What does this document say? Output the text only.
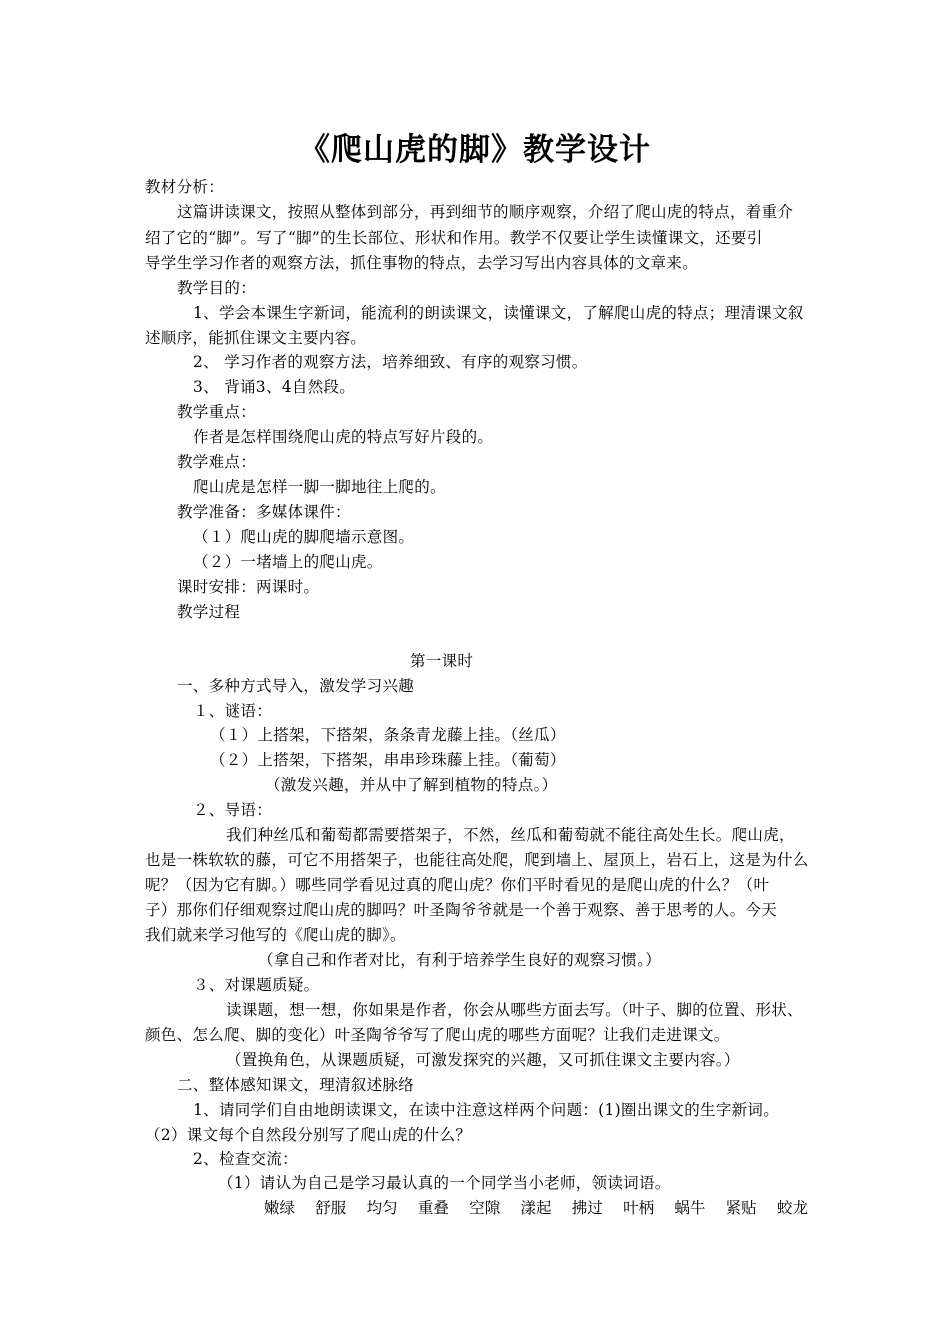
《爬山虎的脚》教学设计

教材分析：

这篇讲读课文，按照从整体到部分，再到细节的顺序观察，介绍了爬山虎的特点，着重介

绍了它的“脚”。写了“脚”的生长部位、形状和作用。教学不仅要让学生读懂课文，还要引

导学生学习作者的观察方法，抓住事物的特点，去学习写出内容具体的文章来。

教学目的：

1、学会本课生字新词，能流利的朗读课文，读懂课文，了解爬山虎的特点；理清课文叙

述顺序，能抓住课文主要内容。

2、 学习作者的观察方法，培养细致、有序的观察习惯。

3、 背诵3、4自然段。

教学重点：

作者是怎样围绕爬山虎的特点写好片段的。

教学难点：

爬山虎是怎样一脚一脚地往上爬的。

教学准备：多媒体课件：

（１）爬山虎的脚爬墙示意图。

（２）一堵墙上的爬山虎。

课时安排：两课时。

教学过程

第一课时

一、多种方式导入，激发学习兴趣

１、谜语：

（１）上搭架，下搭架，条条青龙藤上挂。（丝瓜）

（２）上搭架，下搭架，串串珍珠藤上挂。（葡萄）

（激发兴趣，并从中了解到植物的特点。）

２、导语：

我们种丝瓜和葡萄都需要搭架子，不然，丝瓜和葡萄就不能往高处生长。爬山虎，

也是一株软软的藤，可它不用搭架子，也能往高处爬，爬到墙上、屋顶上，岩石上，这是为什么

呢？（因为它有脚。）哪些同学看见过真的爬山虎？你们平时看见的是爬山虎的什么？（叶

子）那你们仔细观察过爬山虎的脚吗？叶圣陶爷爷就是一个善于观察、善于思考的人。今天

我们就来学习他写的《爬山虎的脚》。

（拿自己和作者对比，有利于培养学生良好的观察习惯。）

３、对课题质疑。

读课题，想一想，你如果是作者，你会从哪些方面去写。（叶子、脚的位置、形状、

颜色、怎么爬、脚的变化）叶圣陶爷爷写了爬山虎的哪些方面呢？让我们走进课文。

（置换角色，从课题质疑，可激发探究的兴趣，又可抓住课文主要内容。）

二、整体感知课文，理清叙述脉络

1、请同学们自由地朗读课文，在读中注意这样两个问题：(1)圈出课文的生字新词。

（2）课文每个自然段分别写了爬山虎的什么？

2、检查交流：

（1）请认为自己是学习最认真的一个同学当小老师，领读词语。

嫩绿 舒服 均匀 重叠 空隙 漾起 拂过 叶柄 蜗牛 紧贴 蛟龙
